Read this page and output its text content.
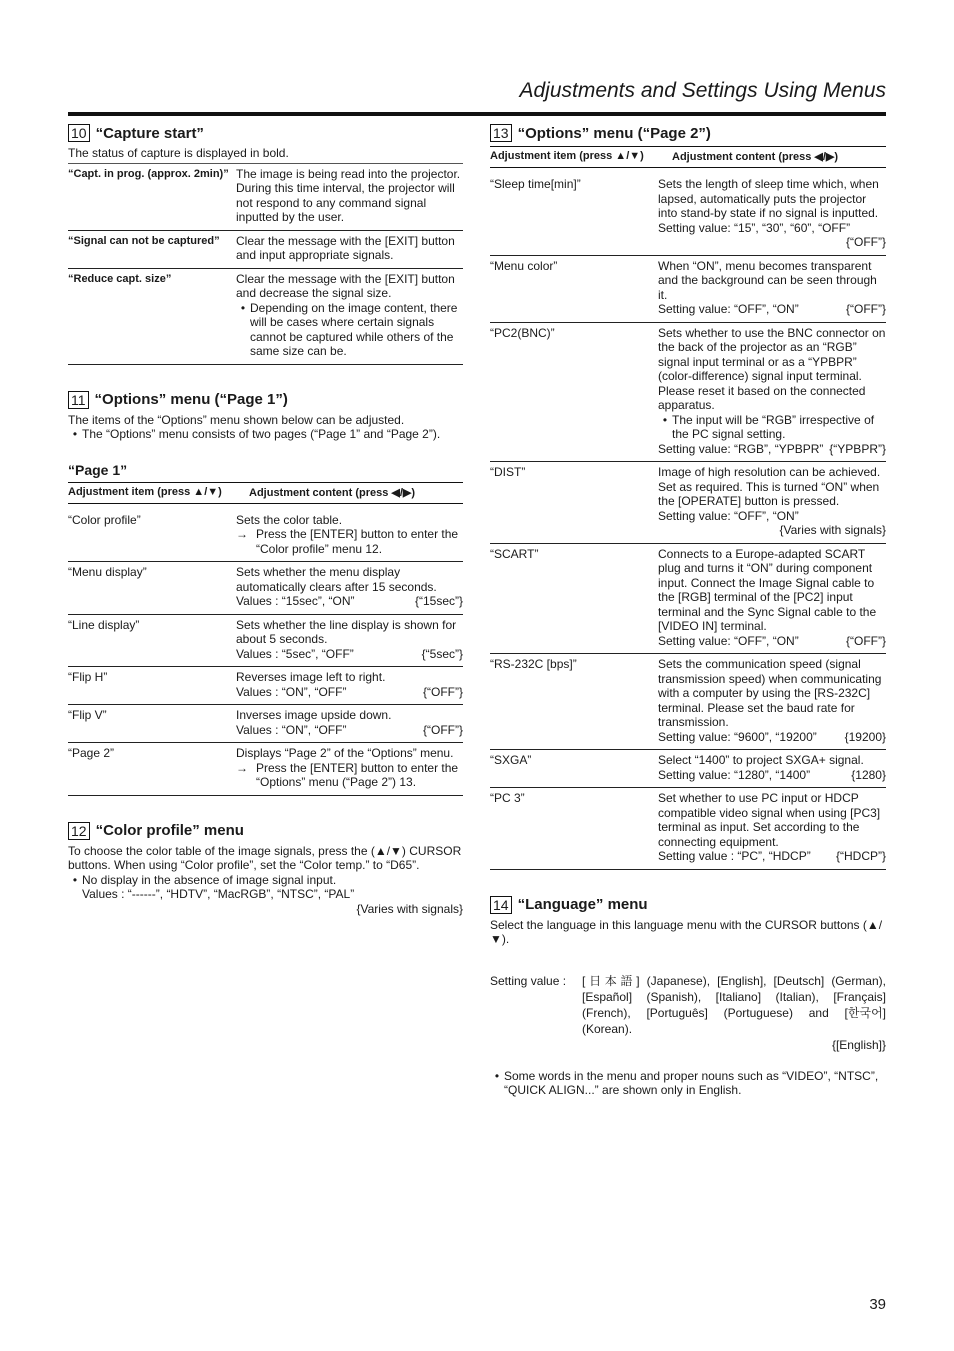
Adjustments and Settings Using Menus
10 “Capture start”

The status of capture is displayed in bold.

“Capt. in prog. (approx. 2min)”	The image is being read into the projector. During this time interval, the projector will not respond to any command signal inputted by the user.
“Signal can not be captured”	Clear the message with the [EXIT] button and input appropriate signals.
“Reduce capt. size”	Clear the message with the [EXIT] button and decrease the signal size.
• Depending on the image content, there will be cases where certain signals cannot be captured while others of the same size can be.
11 “Options” menu (“Page 1”)

The items of the “Options” menu shown below can be adjusted.

• The “Options” menu consists of two pages (“Page 1” and “Page 2”).
“Page 1”
Adjustment item (press ▲/▼)	Adjustment content (press ◀/▶)
“Color profile”	Sets the color table.
→ Press the [ENTER] button to enter the “Color profile” menu 12.

“Menu display”	Sets whether the menu display automatically clears after 15 seconds.
Values : “15sec”, “ON” {“15sec”}

“Line display”	Sets whether the line display is shown for about 5 seconds.
Values : “5sec”, “OFF” {“5sec”}

“Flip H”	Reverses image left to right.
Values : “ON”, “OFF” {“OFF”}

“Flip V”	Inverses image upside down.
Values : “ON”, “OFF” {“OFF”}

“Page 2”	Displays “Page 2” of the “Options” menu.
→ Press the [ENTER] button to enter the “Options” menu (“Page 2”) 13.
12 “Color profile” menu

To choose the color table of the image signals, press the (▲/▼) CURSOR buttons. When using “Color profile”, set the “Color temp.” to “D65”.

• No display in the absence of image signal input.
Values : “------”, “HDTV”, “MacRGB”, “NTSC”, “PAL”
{Varies with signals}
13 “Options” menu (“Page 2”)
Adjustment item (press ▲/▼)	Adjustment content (press ◀/▶)
“Sleep time[min]”	Sets the length of sleep time which, when lapsed, automatically puts the projector into stand-by state if no signal is inputted.
Setting value: “15”, “30”, “60”, “OFF”
{“OFF”}

“Menu color”	When “ON”, menu becomes transparent and the background can be seen through it.
Setting value: “OFF”, “ON” {“OFF”}

“PC2(BNC)”	Sets whether to use the BNC connector on the back of the projector as an “RGB” signal input terminal or as a “YPBPR” (color-difference) signal input terminal. Please reset it based on the connected apparatus.
• The input will be “RGB” irrespective of the PC signal setting.
Setting value: “RGB”, “YPBPR” {“YPBPR”}

“DIST”	Image of high resolution can be achieved. Set as required. This is turned “ON” when the [OPERATE] button is pressed.
Setting value: “OFF”, “ON”
{Varies with signals}

“SCART”	Connects to a Europe-adapted SCART plug and turns it “ON” during component input. Connect the Image Signal cable to the [RGB] terminal of the [PC2] input terminal and the Sync Signal cable to the [VIDEO IN] terminal.
Setting value: “OFF”, “ON” {“OFF”}

“RS-232C [bps]”	Sets the communication speed (signal transmission speed) when communicating with a computer by using the [RS-232C] terminal. Please set the baud rate for transmission.
Setting value: “9600”, “19200” {19200}

“SXGA”	Select “1400” to project SXGA+ signal.
Setting value: “1280”, “1400” {1280}

“PC 3”	Set whether to use PC input or HDCP compatible video signal when using [PC3] terminal as input. Set according to the connecting equipment.
Setting value : “PC”, “HDCP” {“HDCP”}
14 “Language” menu

Select the language in this language menu with the CURSOR buttons (▲/▼).

Setting value :	[日本語] (Japanese), [English], [Deutsch] (German), [Español] (Spanish), [Italiano] (Italian), [Français] (French), [Português] (Portuguese) and [한국어] (Korean).
{[English]}
• Some words in the menu and proper nouns such as “VIDEO”, “NTSC”, “QUICK ALIGN...” are shown only in English.
39
